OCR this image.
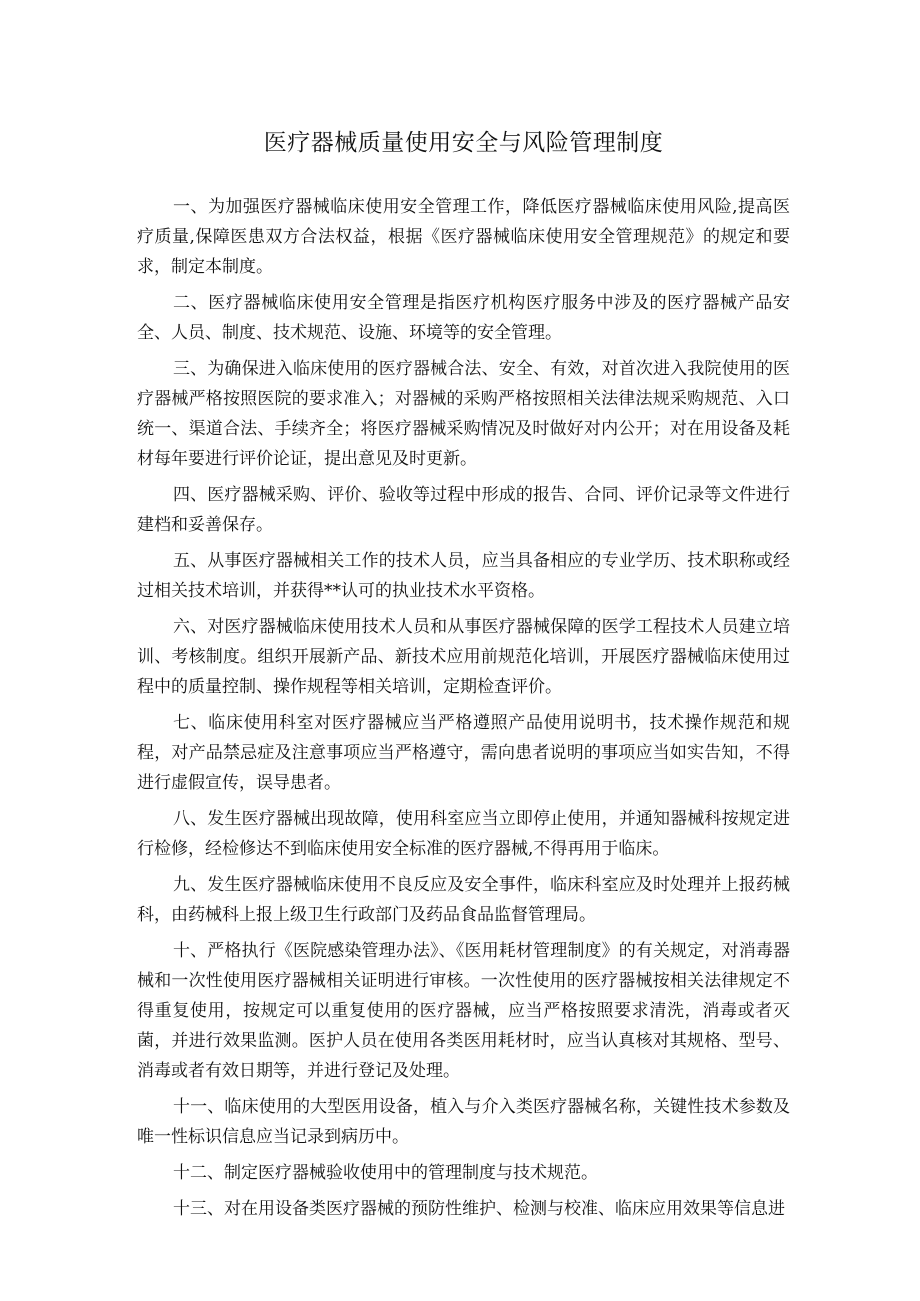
医疗器械质量使用安全与风险管理制度

一、为加强医疗器械临床使用安全管理工作，降低医疗器械临床使用风险,提高医疗质量,保障医患双方合法权益，根据《医疗器械临床使用安全管理规范》的规定和要求，制定本制度。

二、医疗器械临床使用安全管理是指医疗机构医疗服务中涉及的医疗器械产品安全、人员、制度、技术规范、设施、环境等的安全管理。

三、为确保进入临床使用的医疗器械合法、安全、有效，对首次进入我院使用的医疗器械严格按照医院的要求准入；对器械的采购严格按照相关法律法规采购规范、入口统一、渠道合法、手续齐全；将医疗器械采购情况及时做好对内公开；对在用设备及耗材每年要进行评价论证，提出意见及时更新。

四、医疗器械采购、评价、验收等过程中形成的报告、合同、评价记录等文件进行建档和妥善保存。

五、从事医疗器械相关工作的技术人员，应当具备相应的专业学历、技术职称或经过相关技术培训，并获得**认可的执业技术水平资格。

六、对医疗器械临床使用技术人员和从事医疗器械保障的医学工程技术人员建立培训、考核制度。组织开展新产品、新技术应用前规范化培训，开展医疗器械临床使用过程中的质量控制、操作规程等相关培训，定期检查评价。

七、临床使用科室对医疗器械应当严格遵照产品使用说明书，技术操作规范和规程，对产品禁忌症及注意事项应当严格遵守，需向患者说明的事项应当如实告知，不得进行虚假宣传，误导患者。

八、发生医疗器械出现故障，使用科室应当立即停止使用，并通知器械科按规定进行检修，经检修达不到临床使用安全标准的医疗器械,不得再用于临床。

九、发生医疗器械临床使用不良反应及安全事件，临床科室应及时处理并上报药械科，由药械科上报上级卫生行政部门及药品食品监督管理局。

十、严格执行《医院感染管理办法》、《医用耗材管理制度》的有关规定，对消毒器械和一次性使用医疗器械相关证明进行审核。一次性使用的医疗器械按相关法律规定不得重复使用，按规定可以重复使用的医疗器械，应当严格按照要求清洗，消毒或者灭菌，并进行效果监测。医护人员在使用各类医用耗材时，应当认真核对其规格、型号、消毒或者有效日期等，并进行登记及处理。

十一、临床使用的大型医用设备，植入与介入类医疗器械名称，关键性技术参数及唯一性标识信息应当记录到病历中。

十二、制定医疗器械验收使用中的管理制度与技术规范。

十三、对在用设备类医疗器械的预防性维护、检测与校准、临床应用效果等信息进
